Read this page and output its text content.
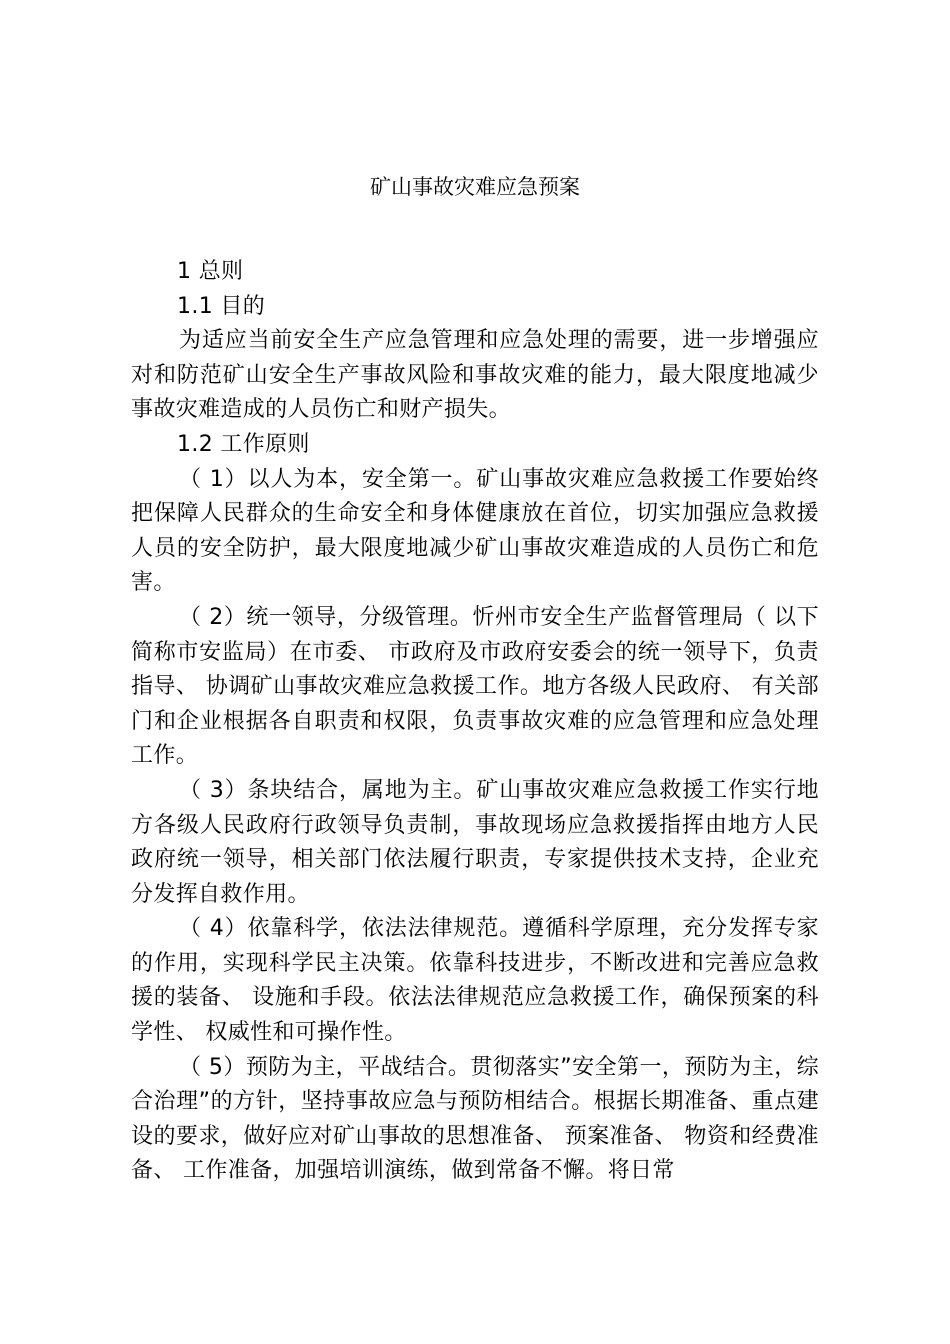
矿山事故灾难应急预案
1 总则
1.1 目的

为适应当前安全生产应急管理和应急处理的需要，进一步增强应对和防范矿山安全生产事故风险和事故灾难的能力，最大限度地减少事故灾难造成的人员伤亡和财产损失。

1.2 工作原则

（ 1）以人为本，安全第一。矿山事故灾难应急救援工作要始终把保障人民群众的生命安全和身体健康放在首位，切实加强应急救援人员的安全防护，最大限度地减少矿山事故灾难造成的人员伤亡和危害。

（ 2）统一领导，分级管理。忻州市安全生产监督管理局（ 以下简称市安监局）在市委、 市政府及市政府安委会的统一领导下，负责指导、 协调矿山事故灾难应急救援工作。地方各级人民政府、 有关部门和企业根据各自职责和权限，负责事故灾难的应急管理和应急处理工作。

（ 3）条块结合，属地为主。矿山事故灾难应急救援工作实行地方各级人民政府行政领导负责制，事故现场应急救援指挥由地方人民政府统一领导，相关部门依法履行职责，专家提供技术支持，企业充分发挥自救作用。

（ 4）依靠科学，依法法律规范。遵循科学原理，充分发挥专家的作用，实现科学民主决策。依靠科技进步，不断改进和完善应急救援的装备、 设施和手段。依法法律规范应急救援工作，确保预案的科学性、 权威性和可操作性。

（ 5）预防为主，平战结合。贯彻落实”安全第一，预防为主，综合治理”的方针，坚持事故应急与预防相结合。根据长期准备、重点建设的要求，做好应对矿山事故的思想准备、 预案准备、 物资和经费准备、 工作准备，加强培训演练，做到常备不懈。将日常
